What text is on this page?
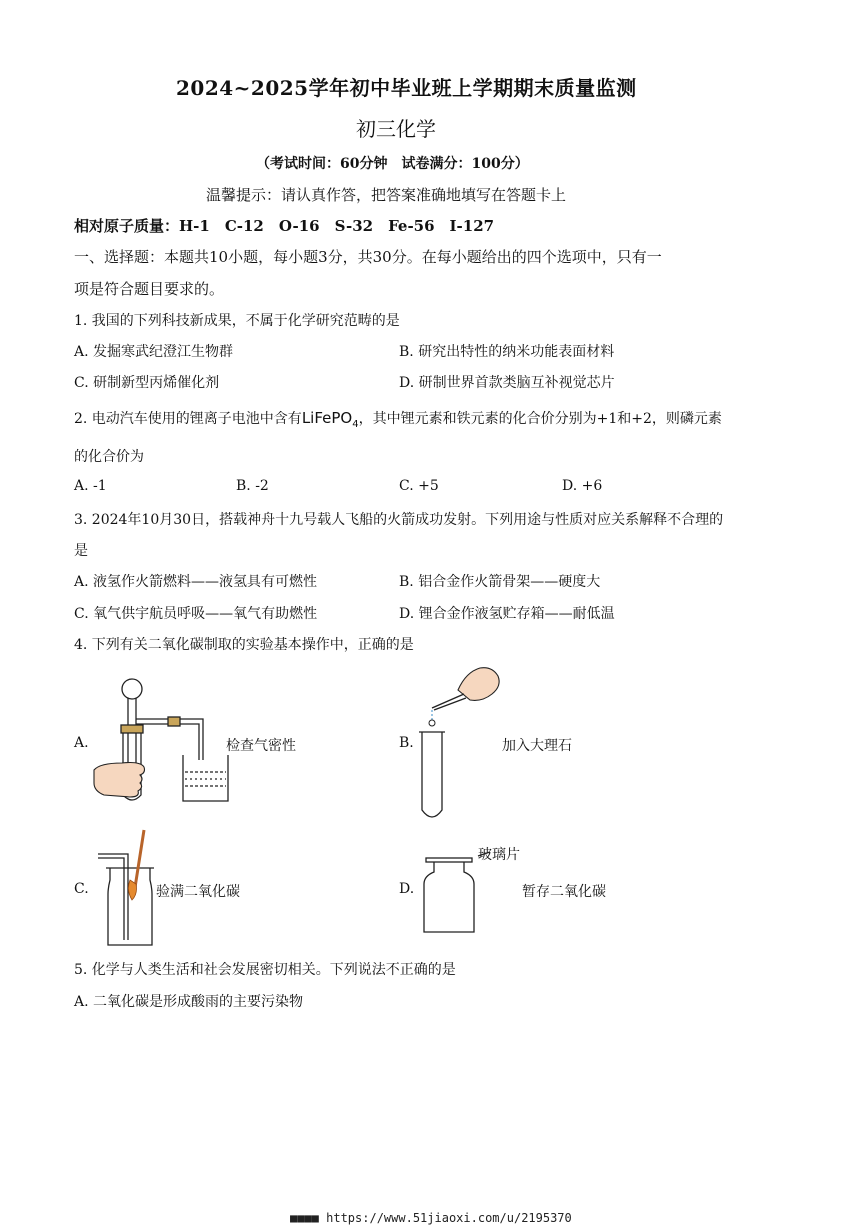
2024~2025学年初中毕业班上学期期末质量监测
初三化学
（考试时间：60分钟　试卷满分：100分）
温馨提示：请认真作答，把答案准确地填写在答题卡上
相对原子质量：H-1　C-12　O-16　S-32　Fe-56　I-127
一、选择题：本题共10小题，每小题3分，共30分。在每小题给出的四个选项中，只有一
项是符合题目要求的。
1. 我国的下列科技新成果，不属于化学研究范畴的是
A. 发掘寒武纪澄江生物群	B. 研究出特性的纳米功能表面材料
C. 研制新型丙烯催化剂	D. 研制世界首款类脑互补视觉芯片
2. 电动汽车使用的锂离子电池中含有LiFePO$_4$，其中锂元素和铁元素的化合价分别为+1和+2，则磷元素
的化合价为
A. -1	B. -2	C. +5	D. +6
3. 2024年10月30日，搭载神舟十九号载人飞船的火箭成功发射。下列用途与性质对应关系解释不合理的
是
A. 液氢作火箭燃料——液氢具有可燃性	B. 铝合金作火箭骨架——硬度大
C. 氧气供宇航员呼吸——氧气有助燃性	D. 锂合金作液氢贮存箱——耐低温
4. 下列有关二氧化碳制取的实验基本操作中，正确的是
A.	检查气密性	B.	加入大理石
C.	验满二氧化碳	D.	暂存二氧化碳
玻璃片
5. 化学与人类生活和社会发展密切相关。下列说法不正确的是
A. 二氧化碳是形成酸雨的主要污染物
■■■■ https://www.51jiaoxi.com/u/2195370
